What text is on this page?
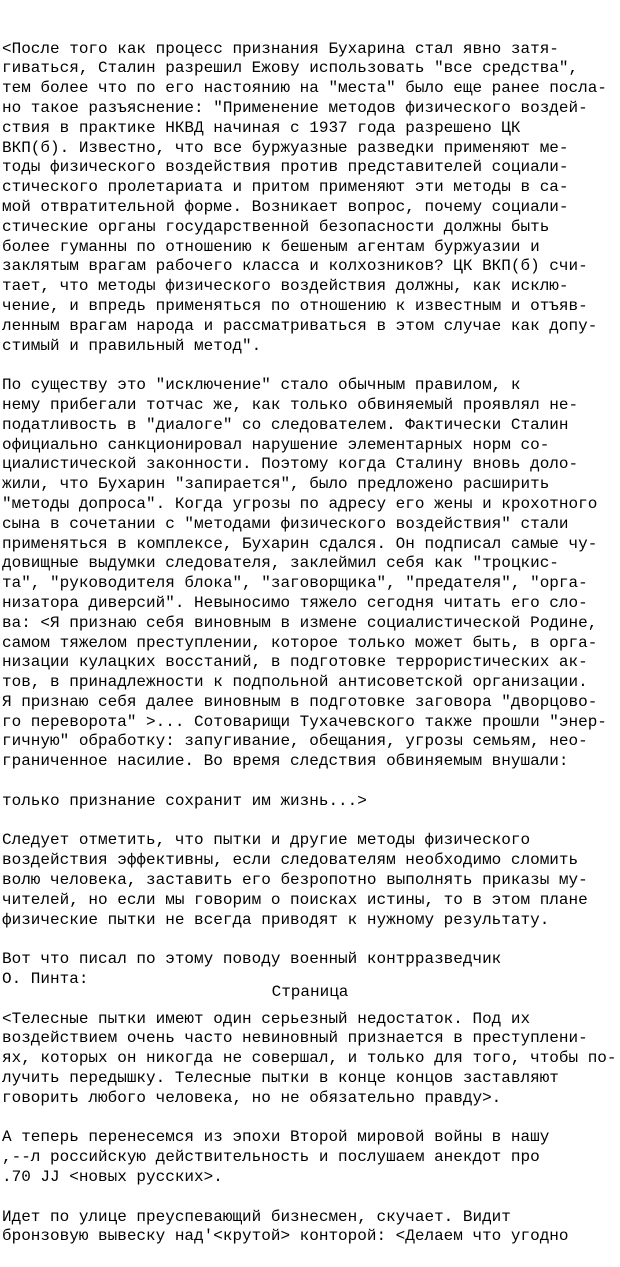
<После того как процесс признания Бухарина стал явно затя-
гиваться, Сталин разрешил Ежову использовать "все средства",
тем более что по его настоянию на "места" было еще ранее посла-
но такое разъяснение: "Применение методов физического воздей-
ствия в практике НКВД начиная с 1937 года разрешено ЦК
ВКП(б). Известно, что все буржуазные разведки применяют ме-
тоды физического воздействия против представителей социали-
стического пролетариата и притом применяют эти методы в са-
мой отвратительной форме. Возникает вопрос, почему социали-
стические органы государственной безопасности должны быть
более гуманны по отношению к бешеным агентам буржуазии и
заклятым врагам рабочего класса и колхозников? ЦК ВКП(б) счи-
тает, что методы физического воздействия должны, как исклю-
чение, и впредь применяться по отношению к известным и отъяв-
ленным врагам народа и рассматриваться в этом случае как допу-
стимый и правильный метод".
По существу это "исключение" стало обычным правилом, к
нему прибегали тотчас же, как только обвиняемый проявлял не-
податливость в "диалоге" со следователем. Фактически Сталин
официально санкционировал нарушение элементарных норм со-
циалистической законности. Поэтому когда Сталину вновь доло-
жили, что Бухарин "запирается", было предложено расширить
"методы допроса". Когда угрозы по адресу его жены и крохотного
сына в сочетании с "методами физического воздействия" стали
применяться в комплексе, Бухарин сдался. Он подписал самые чу-
довищные выдумки следователя, заклеймил себя как "троцкис-
та", "руководителя блока", "заговорщика", "предателя", "орга-
низатора диверсий". Невыносимо тяжело сегодня читать его сло-
ва: <Я признаю себя виновным в измене социалистической Родине,
самом тяжелом преступлении, которое только может быть, в орга-
низации кулацких восстаний, в подготовке террористических ак-
тов, в принадлежности к подпольной антисоветской организации.
Я признаю себя далее виновным в подготовке заговора "дворцово-
го переворота" >... Сотоварищи Тухачевского также прошли "энер-
гичную" обработку: запугивание, обещания, угрозы семьям, нео-
граниченное насилие. Во время следствия обвиняемым внушали:
только признание сохранит им жизнь...>
Следует отметить, что пытки и другие методы физического
воздействия эффективны, если следователям необходимо сломить
волю человека, заставить его безропотно выполнять приказы му-
чителей, но если мы говорим о поисках истины, то в этом плане
физические пытки не всегда приводят к нужному результату.
Вот что писал по этому поводу военный контрразведчик
О. Пинта:
<Телесные пытки имеют один серьезный недостаток. Под их
воздействием очень часто невиновный признается в преступлени-
ях, которых он никогда не совершал, и только для того, чтобы по-
лучить передышку. Телесные пытки в конце концов заставляют
говорить любого человека, но не обязательно правду>.
А теперь перенесемся из эпохи Второй мировой войны в нашу
,--л российскую действительность и послушаем анекдот про
.70 JJ <новых русских>.
Идет по улице преуспевающий бизнесмен, скучает. Видит
бронзовую вывеску над'<крутой> конторой: <Делаем что угодно

Страница
